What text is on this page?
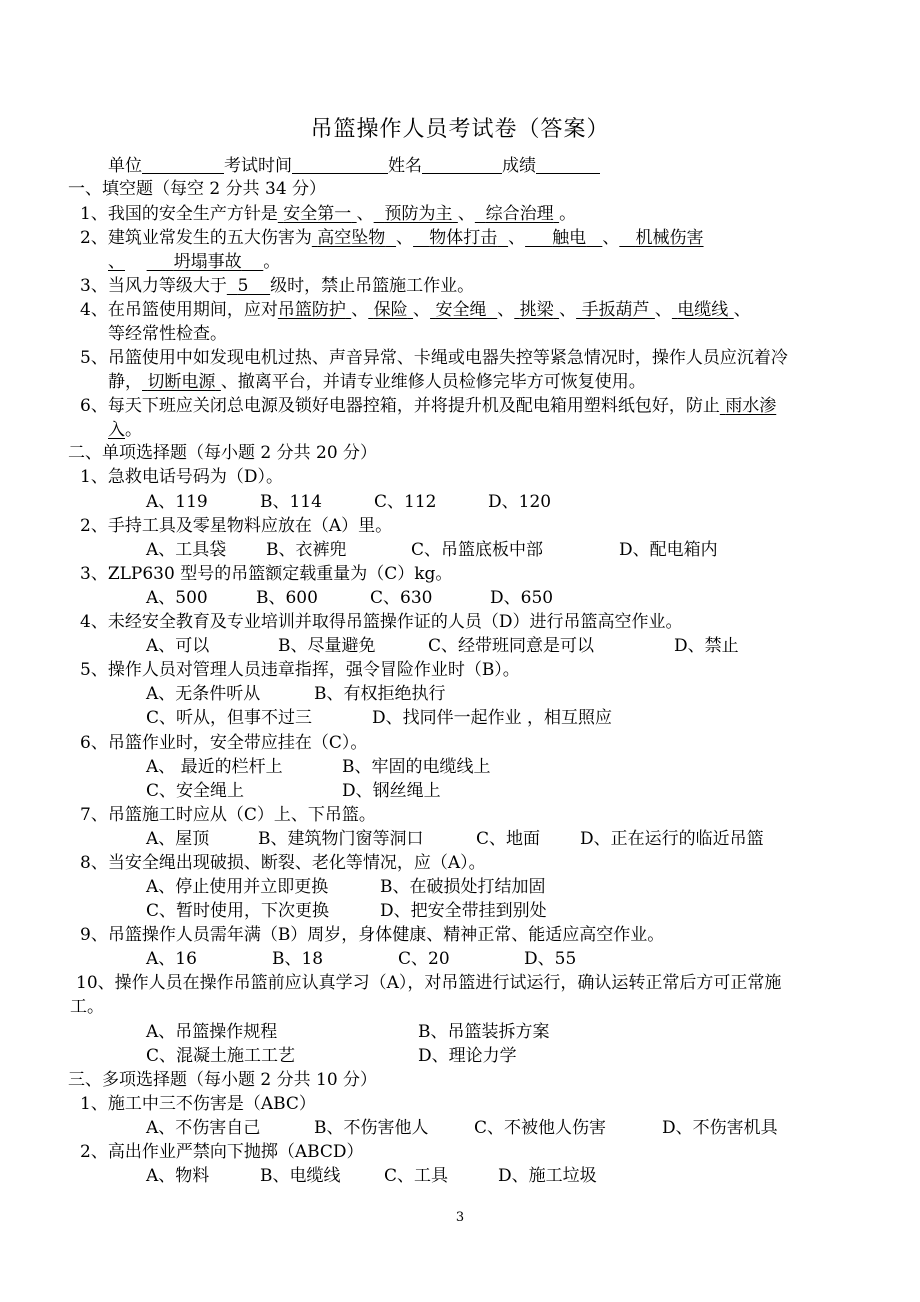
吊篮操作人员考试卷（答案）
单位	考试时间	姓名	成绩
一、填空题（每空 2 分共 34 分）
1、我国的安全生产方针是 安全第一 、 预防为主 、 综合治理 。
2、建筑业常发生的五大伤害为 高空坠物 、 物体打击 、 触电 、 机械伤害
、	坍塌事故 。
3、当风力等级大于 5 级时，禁止吊篮施工作业。
4、在吊篮使用期间，应对吊篮防护 、 保险 、 安全绳 、 挑梁 、 手扳葫芦 、 电缆线 、
等经常性检查。
5、吊篮使用中如发现电机过热、声音异常、卡绳或电器失控等紧急情况时，操作人员应沉着冷
静， 切断电源 、撤离平台，并请专业维修人员检修完毕方可恢复使用。
6、每天下班应关闭总电源及锁好电器控箱，并将提升机及配电箱用塑料纸包好，防止 雨水渗
入。
二、单项选择题（每小题 2 分共 20 分）
1、急救电话号码为（D）。
A、119	B、114	C、112	D、120
2、手持工具及零星物料应放在（A）里。
A、工具袋 B、衣裤兜	C、吊篮底板中部	D、配电箱内
3、ZLP630 型号的吊篮额定载重量为（C）kg。
A、500	B、600	C、630	D、650
4、未经安全教育及专业培训并取得吊篮操作证的人员（D）进行吊篮高空作业。
A、可以	B、尽量避免	C、经带班同意是可以	D、禁止
5、操作人员对管理人员违章指挥，强令冒险作业时（B）。
A、无条件听从	B、有权拒绝执行
C、听从，但事不过三	D、找同伴一起作业 ，相互照应
6、吊篮作业时，安全带应挂在（C）。
A、 最近的栏杆上	B、牢固的电缆线上
C、安全绳上	D、钢丝绳上
7、吊篮施工时应从（C）上、下吊篮。
A、屋顶	B、建筑物门窗等洞口	C、地面 D、正在运行的临近吊篮
8、当安全绳出现破损、断裂、老化等情况，应（A）。
A、停止使用并立即更换	B、在破损处打结加固
C、暂时使用，下次更换	D、把安全带挂到别处
9、吊篮操作人员需年满（B）周岁，身体健康、精神正常、能适应高空作业。
A、16	B、18	C、20	D、55
10、操作人员在操作吊篮前应认真学习（A），对吊篮进行试运行，确认运转正常后方可正常施
工。
A、吊篮操作规程	B、吊篮装拆方案
C、混凝土施工工艺	D、理论力学
三、多项选择题（每小题 2 分共 10 分）
1、施工中三不伤害是（ABC）
A、不伤害自己	B、不伤害他人	C、不被他人伤害	D、不伤害机具
2、高出作业严禁向下抛掷（ABCD）
A、物料	B、电缆线	C、工具	D、施工垃圾
3
